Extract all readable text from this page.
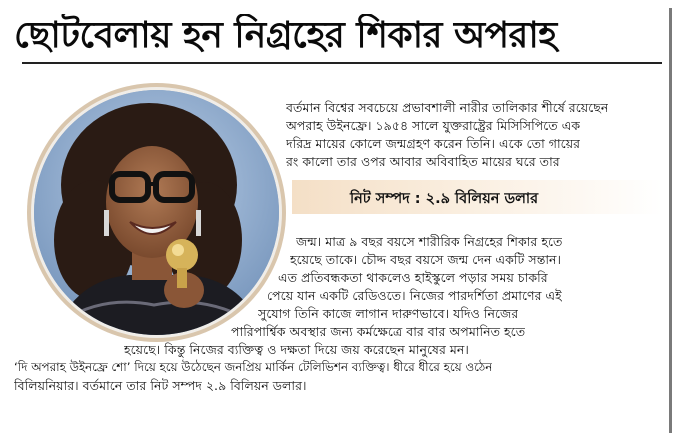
ছোটবেলায় হন নিগ্রহের শিকার অপরাহ
বর্তমান বিশ্বের সবচেয়ে প্রভাবশালী নারীর তালিকার শীর্ষে রয়েছেন
অপরাহ উইনফ্রে। ১৯৫৪ সালে যুক্তরাষ্ট্রের মিসিসিপিতে এক
দরিদ্র মায়ের কোলে জন্মগ্রহণ করেন তিনি। একে তো গায়ের
রং কালো তার ওপর আবার অবিবাহিত মায়ের ঘরে তার
নিট সম্পদ : ২.৯ বিলিয়ন ডলার
জন্ম। মাত্র ৯ বছর বয়সে শারীরিক নিগ্রহের শিকার হতে
হয়েছে তাকে। চৌদ্দ বছর বয়সে জন্ম দেন একটি সন্তান।
এত প্রতিবন্ধকতা থাকলেও হাইস্কুলে পড়ার সময় চাকরি
পেয়ে যান একটি রেডিওতে। নিজের পারদর্শিতা প্রমাণের এই
সুযোগ তিনি কাজে লাগান দারুণভাবে। যদিও নিজের
পারিপার্শ্বিক অবস্থার জন্য কর্মক্ষেত্রে বার বার অপমানিত হতে
হয়েছে। কিন্তু নিজের ব্যক্তিত্ব ও দক্ষতা দিয়ে জয় করেছেন মানুষের মন।
‘দি অপরাহ উইনফ্রে শো’ দিয়ে হয়ে উঠেছেন জনপ্রিয় মার্কিন টেলিভিশন ব্যক্তিত্ব। ধীরে ধীরে হয়ে ওঠেন
বিলিয়নিয়ার। বর্তমানে তার নিট সম্পদ ২.৯ বিলিয়ন ডলার।
